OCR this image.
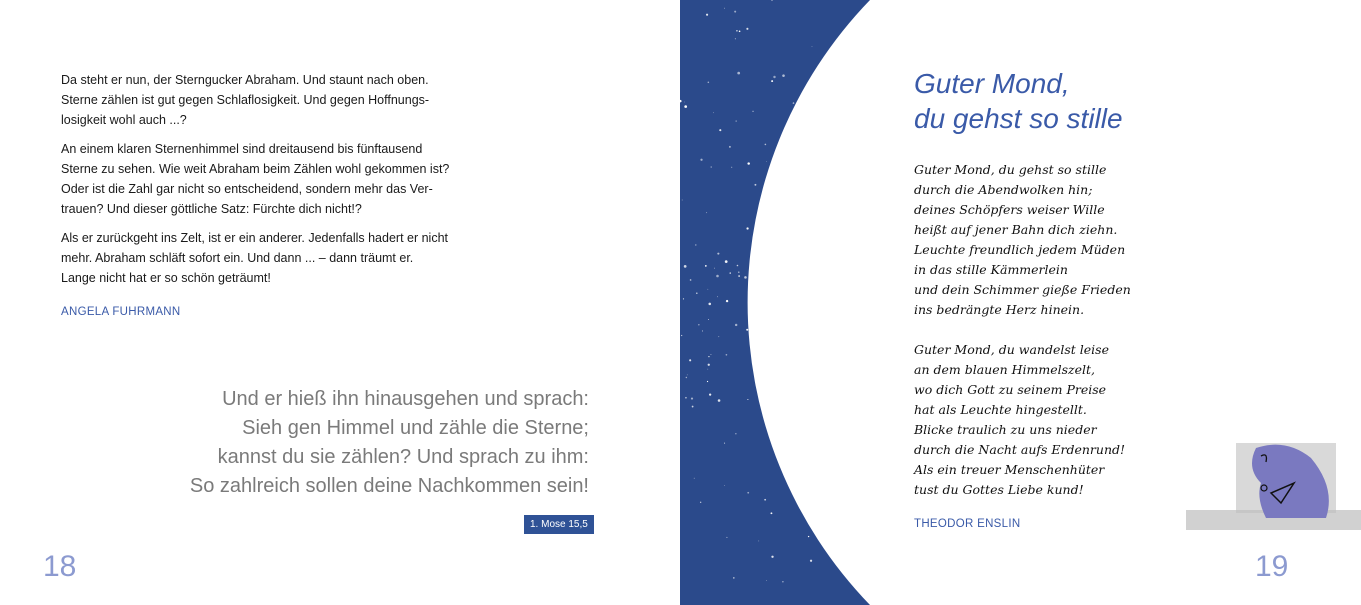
Da steht er nun, der Sterngucker Abraham. Und staunt nach oben.
Sterne zählen ist gut gegen Schlaflosigkeit. Und gegen Hoffnungs-
losigkeit wohl auch ...?

An einem klaren Sternenhimmel sind dreitausend bis fünftausend
Sterne zu sehen. Wie weit Abraham beim Zählen wohl gekommen ist?
Oder ist die Zahl gar nicht so entscheidend, sondern mehr das Ver-
trauen? Und dieser göttliche Satz: Fürchte dich nicht!?

Als er zurückgeht ins Zelt, ist er ein anderer. Jedenfalls hadert er nicht
mehr. Abraham schläft sofort ein. Und dann ... – dann träumt er.
Lange nicht hat er so schön geträumt!

ANGELA FUHRMANN
Und er hieß ihn hinausgehen und sprach:
Sieh gen Himmel und zähle die Sterne;
kannst du sie zählen? Und sprach zu ihm:
So zahlreich sollen deine Nachkommen sein!
1. Mose 15,5
18
Guter Mond,
du gehst so stille
Guter Mond, du gehst so stille
durch die Abendwolken hin;
deines Schöpfers weiser Wille
heißt auf jener Bahn dich ziehn.
Leuchte freundlich jedem Müden
in das stille Kämmerlein
und dein Schimmer gieße Frieden
ins bedrängte Herz hinein.
Guter Mond, du wandelst leise
an dem blauen Himmelszelt,
wo dich Gott zu seinem Preise
hat als Leuchte hingestellt.
Blicke traulich zu uns nieder
durch die Nacht aufs Erdenrund!
Als ein treuer Menschenhüter
tust du Gottes Liebe kund!
THEODOR ENSLIN
19
